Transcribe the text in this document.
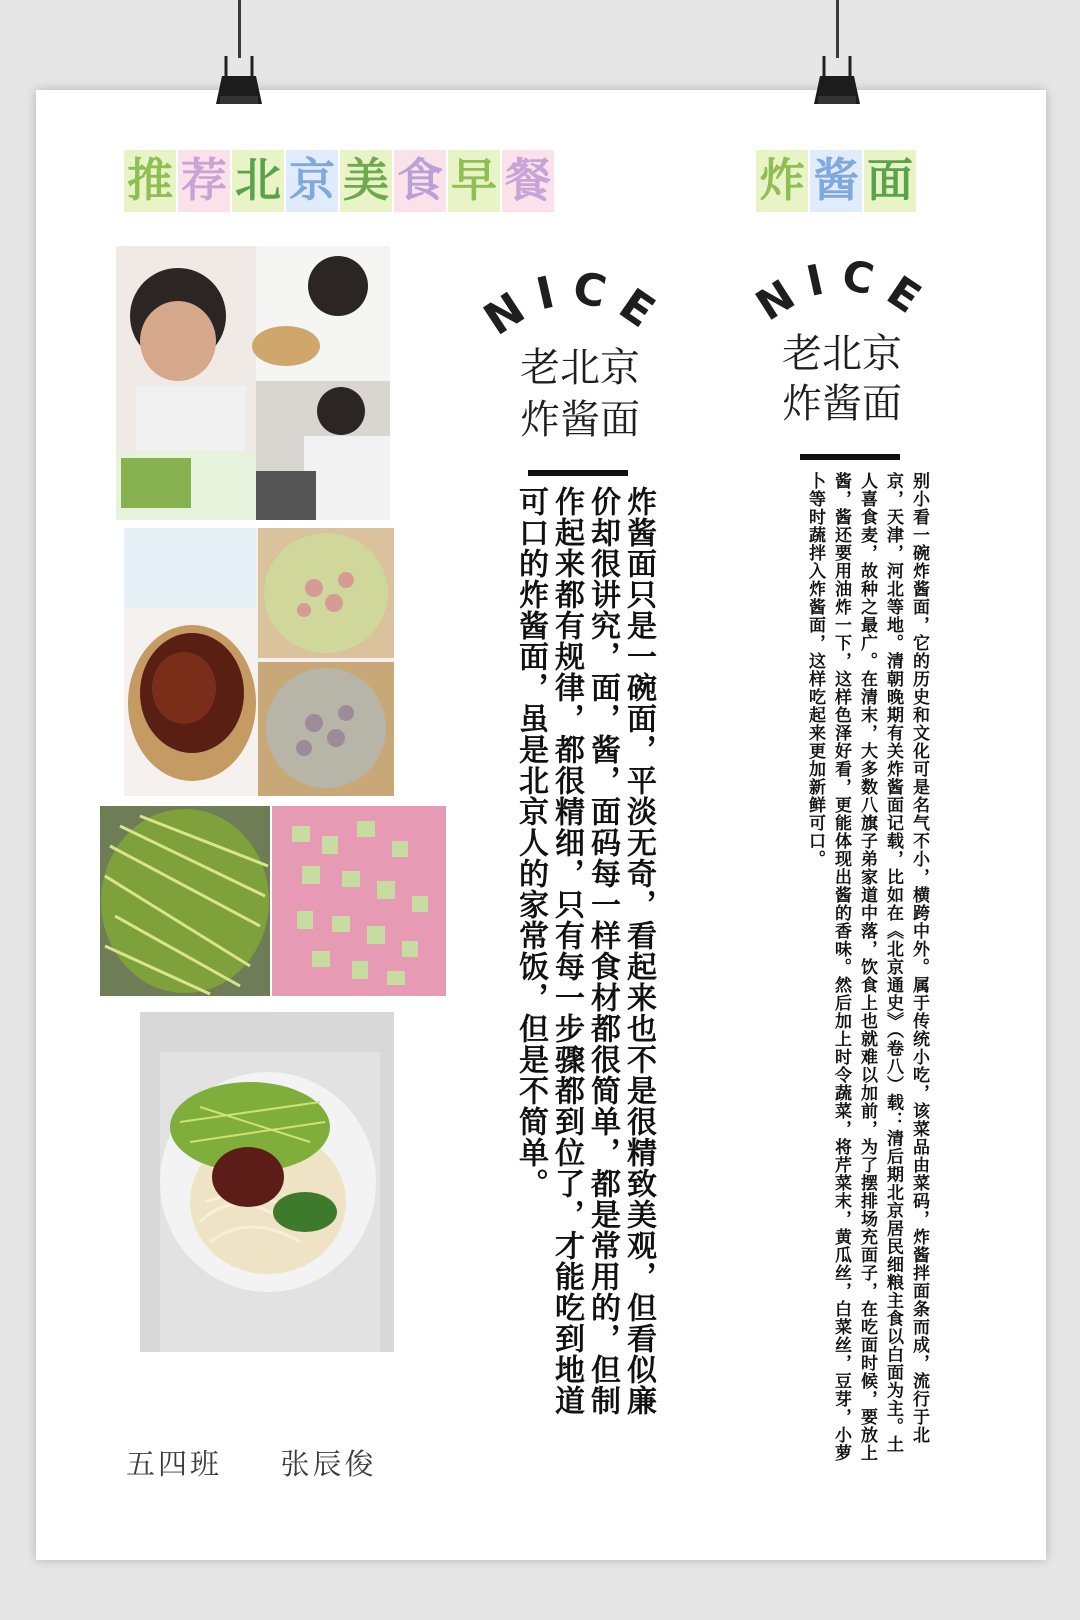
推 荐 北 京 美 食 早 餐	炸 酱 面
NICE
老北京
炸酱面
炸酱面只是一碗面，平淡无奇，看起来也不是很精致美观，但看似廉价却很讲究，面，酱，面码每一样食材都很简单，都是常用的，但制作起来都有规律，都很精细，只有每一步骤都到位了，才能吃到地道可口的炸酱面，虽是北京人的家常饭，但是不简单。
NICE
老北京
炸酱面
别小看一碗炸酱面，它的历史和文化可是名气不小，横跨中外。属于传统小吃，该菜品由菜码，炸酱拌面条而成，流行于北京，天津，河北等地。清朝晚期有关炸酱面记载，比如在《北京通史》（卷八）载：清后期北京居民细粮主食以白面为主。土人喜食麦，故种之最广。在清末，大多数八旗子弟家道中落，饮食上也就难以加前，为了摆排场充面子，在吃面时候，要放上酱，酱还要用油炸一下，这样色泽好看，更能体现出酱的香味。然后加上时令蔬菜，将芹菜末，黄瓜丝，白菜丝，豆芽，小萝卜等时蔬拌入炸酱面，这样吃起来更加新鲜可口。
五四班 张辰俊
